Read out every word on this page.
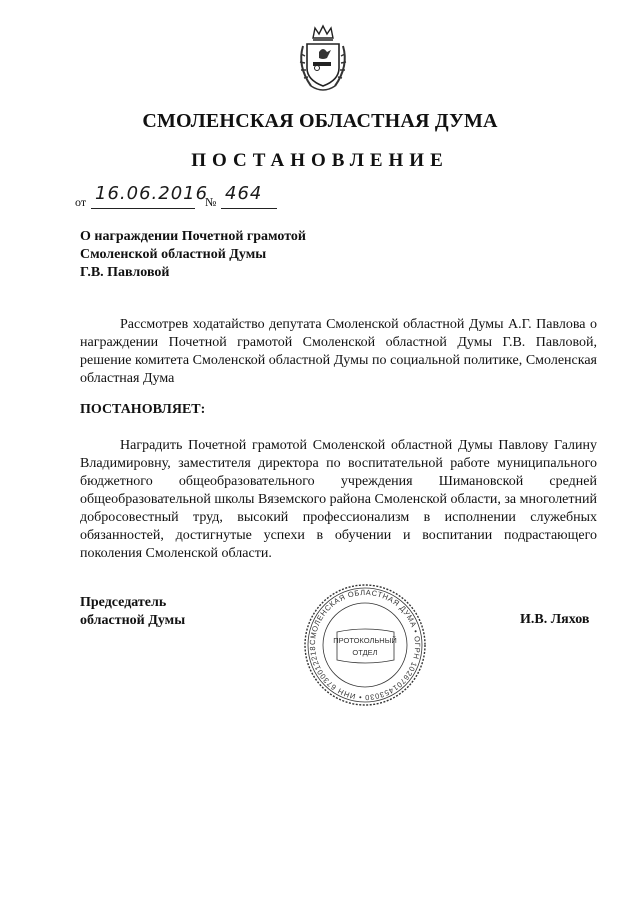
СМОЛЕНСКАЯ ОБЛАСТНАЯ ДУМА
ПОСТАНОВЛЕНИЕ
от 16.06.2016
№ 464
О награждении Почетной грамотой
Смоленской областной Думы
Г.В. Павловой
Рассмотрев ходатайство депутата Смоленской областной Думы А.Г. Павлова о награждении Почетной грамотой Смоленской областной Думы Г.В. Павловой, решение комитета Смоленской областной Думы по социальной политике, Смоленская областная Дума
ПОСТАНОВЛЯЕТ:
Наградить Почетной грамотой Смоленской областной Думы Павлову Галину Владимировну, заместителя директора по воспитательной работе муниципального бюджетного общеобразовательного учреждения Шимановской средней общеобразовательной школы Вяземского района Смоленской области, за многолетний добросовестный труд, высокий профессионализм в исполнении служебных обязанностей, достигнутые успехи в обучении и воспитании подрастающего поколения Смоленской области.
Председатель
областной Думы	И.В. Ляхов
СМОЛЕНСКАЯ ОБЛАСТНАЯ ДУМА • ОГРН 1026701453030 • ИНН 6730012218
ПРОТОКОЛЬНЫЙ
ОТДЕЛ
